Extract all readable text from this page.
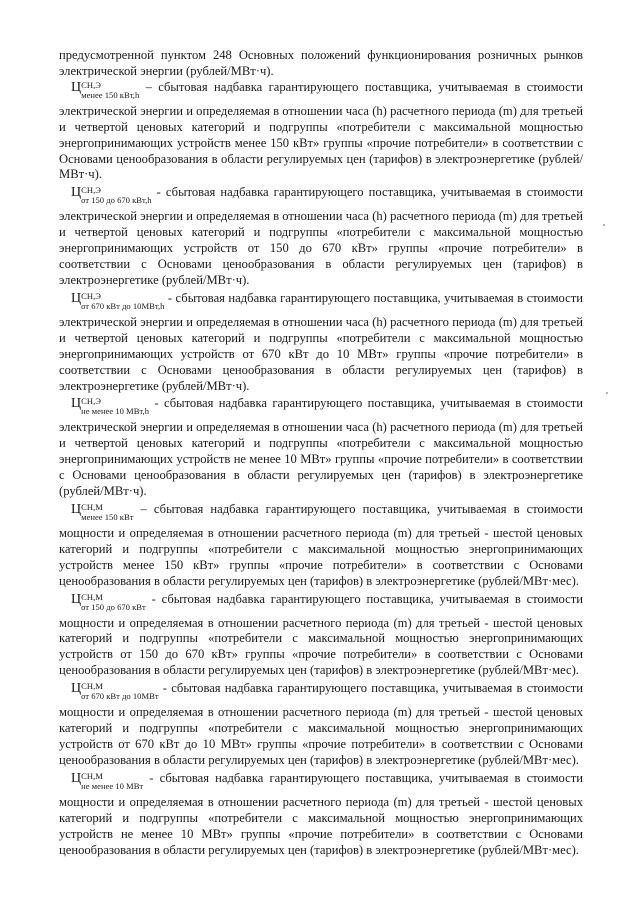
предусмотренной пунктом 248 Основных положений функционирования розничных рынков электрической энергии (рублей/МВт·ч).

Ц СН,Э
менее 150 кВт,h
– сбытовая надбавка гарантирующего поставщика, учитываемая в стоимости электрической энергии и определяемая в отношении часа (h) расчетного периода (m) для третьей и четвертой ценовых категорий и подгруппы «потребители с максимальной мощностью энергопринимающих устройств менее 150 кВт» группы «прочие потребители» в соответствии с Основами ценообразования в области регулируемых цен (тарифов) в электроэнергетике (рублей/МВт·ч).

Ц СН,Э
от 150 до 670 кВт,h
- сбытовая надбавка гарантирующего поставщика, учитываемая в стоимости электрической энергии и определяемая в отношении часа (h) расчетного периода (m) для третьей и четвертой ценовых категорий и подгруппы «потребители с максимальной мощностью энергопринимающих устройств от 150 до 670 кВт» группы «прочие потребители» в соответствии с Основами ценообразования в области регулируемых цен (тарифов) в электроэнергетике (рублей/МВт·ч).

Ц СН,Э
от 670 кВт до 10МВт,h
- сбытовая надбавка гарантирующего поставщика, учитываемая в стоимости электрической энергии и определяемая в отношении часа (h) расчетного периода (m) для третьей и четвертой ценовых категорий и подгруппы «потребители с максимальной мощностью энергопринимающих устройств от 670 кВт до 10 МВт» группы «прочие потребители» в соответствии с Основами ценообразования в области регулируемых цен (тарифов) в электроэнергетике (рублей/МВт·ч).

Ц СН,Э
не менее 10 МВт,h
- сбытовая надбавка гарантирующего поставщика, учитываемая в стоимости электрической энергии и определяемая в отношении часа (h) расчетного периода (m) для третьей и четвертой ценовых категорий и подгруппы «потребители с максимальной мощностью энергопринимающих устройств не менее 10 МВт» группы «прочие потребители» в соответствии с Основами ценообразования в области регулируемых цен (тарифов) в электроэнергетике (рублей/МВт·ч).

Ц СН,М
менее 150 кВт
– сбытовая надбавка гарантирующего поставщика, учитываемая в стоимости мощности и определяемая в отношении расчетного периода (m) для третьей - шестой ценовых категорий и подгруппы «потребители с максимальной мощностью энергопринимающих устройств менее 150 кВт» группы «прочие потребители» в соответствии с Основами ценообразования в области регулируемых цен (тарифов) в электроэнергетике (рублей/МВт·мес).

Ц СН,М
от 150 до 670 кВт
- сбытовая надбавка гарантирующего поставщика, учитываемая в стоимости мощности и определяемая в отношении расчетного периода (m) для третьей - шестой ценовых категорий и подгруппы «потребители с максимальной мощностью энергопринимающих устройств от 150 до 670 кВт» группы «прочие потребители» в соответствии с Основами ценообразования в области регулируемых цен (тарифов) в электроэнергетике (рублей/МВт·мес).

Ц СН,М
от 670 кВт до 10МВт
- сбытовая надбавка гарантирующего поставщика, учитываемая в стоимости мощности и определяемая в отношении расчетного периода (m) для третьей - шестой ценовых категорий и подгруппы «потребители с максимальной мощностью энергопринимающих устройств от 670 кВт до 10 МВт» группы «прочие потребители» в соответствии с Основами ценообразования в области регулируемых цен (тарифов) в электроэнергетике (рублей/МВт·мес).

Ц СН,М
не менее 10 МВт
- сбытовая надбавка гарантирующего поставщика, учитываемая в стоимости мощности и определяемая в отношении расчетного периода (m) для третьей - шестой ценовых категорий и подгруппы «потребители с максимальной мощностью энергопринимающих устройств не менее 10 МВт» группы «прочие потребители» в соответствии с Основами ценообразования в области регулируемых цен (тарифов) в электроэнергетике (рублей/МВт·мес).
